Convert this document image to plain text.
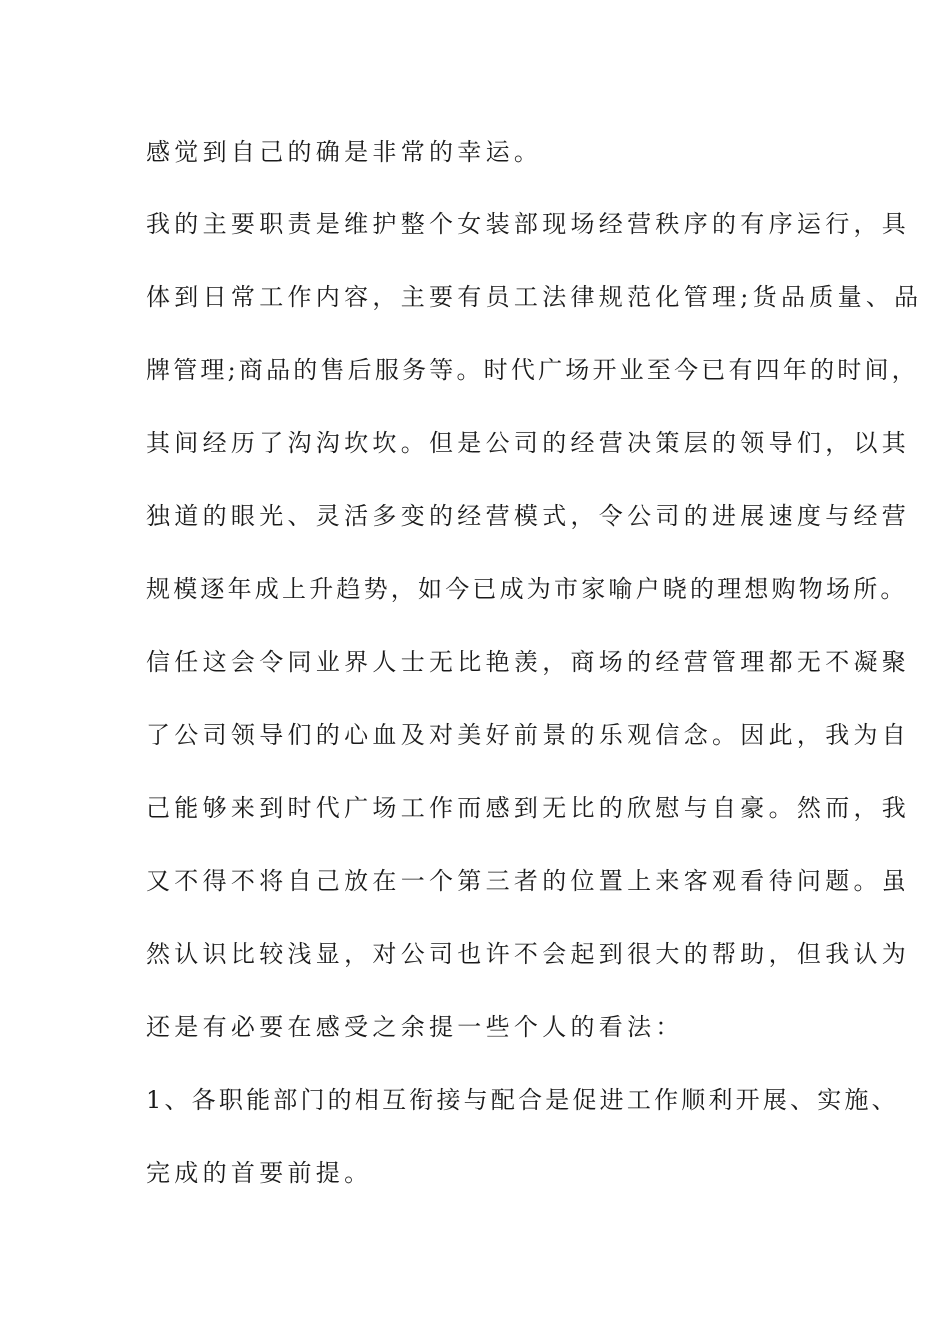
感觉到自己的确是非常的幸运。
我的主要职责是维护整个女装部现场经营秩序的有序运行，具
体到日常工作内容，主要有员工法律规范化管理;货品质量、品
牌管理;商品的售后服务等。时代广场开业至今已有四年的时间，
其间经历了沟沟坎坎。但是公司的经营决策层的领导们，以其
独道的眼光、灵活多变的经营模式，令公司的进展速度与经营
规模逐年成上升趋势，如今已成为市家喻户晓的理想购物场所。
信任这会令同业界人士无比艳羡，商场的经营管理都无不凝聚
了公司领导们的心血及对美好前景的乐观信念。因此，我为自
己能够来到时代广场工作而感到无比的欣慰与自豪。然而，我
又不得不将自己放在一个第三者的位置上来客观看待问题。虽
然认识比较浅显，对公司也许不会起到很大的帮助，但我认为
还是有必要在感受之余提一些个人的看法：
1、各职能部门的相互衔接与配合是促进工作顺利开展、实施、
完成的首要前提。
